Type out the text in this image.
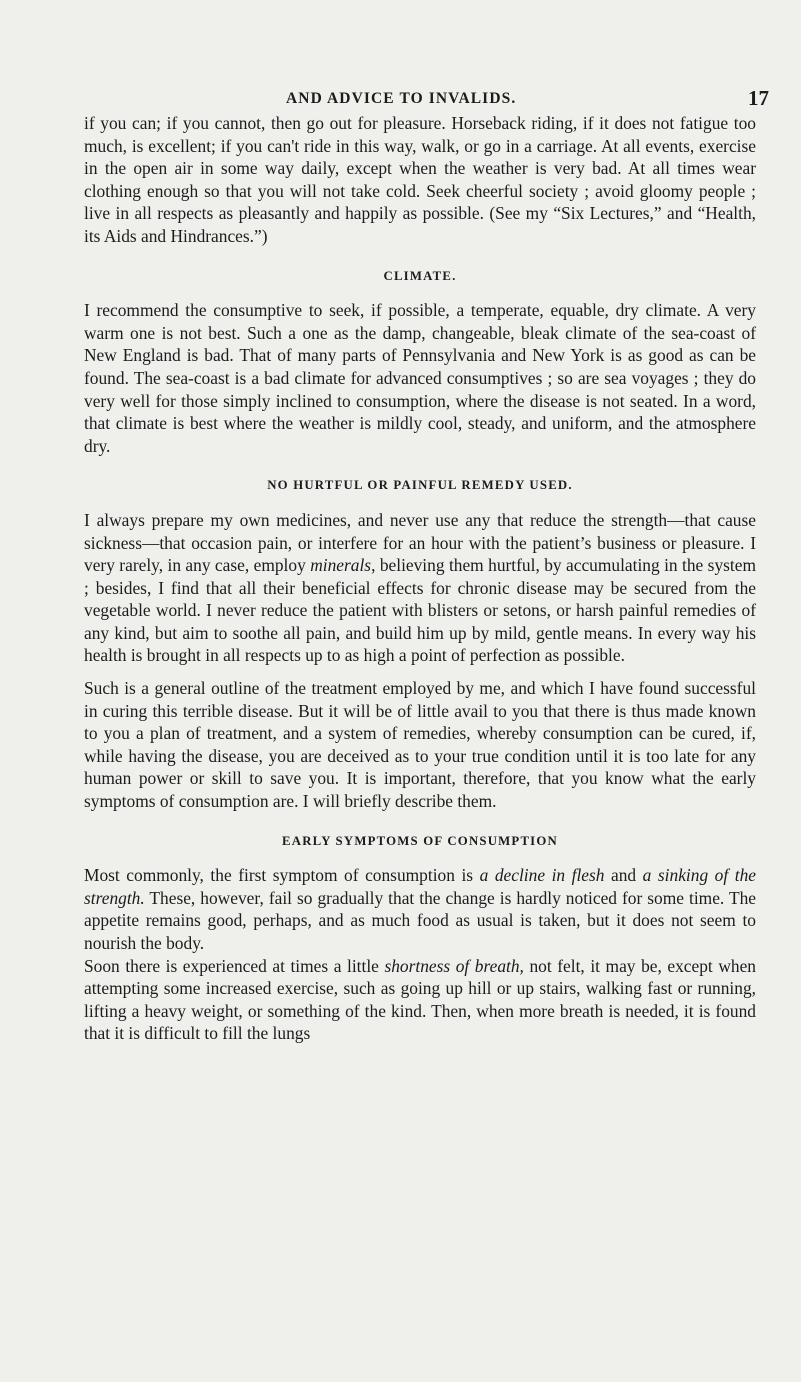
AND ADVICE TO INVALIDS.	17

if you can; if you cannot, then go out for pleasure. Horseback riding, if it does not fatigue too much, is excellent; if you can't ride in this way, walk, or go in a carriage. At all events, exercise in the open air in some way daily, except when the weather is very bad. At all times wear clothing enough so that you will not take cold. Seek cheerful society ; avoid gloomy people ; live in all respects as pleasantly and happily as possible. (See my “Six Lectures,” and “Health, its Aids and Hindrances.”)

CLIMATE.

I recommend the consumptive to seek, if possible, a temperate, equable, dry climate. A very warm one is not best. Such a one as the damp, changeable, bleak climate of the sea-coast of New England is bad. That of many parts of Pennsylvania and New York is as good as can be found. The sea-coast is a bad climate for advanced consumptives ; so are sea voyages ; they do very well for those simply inclined to consumption, where the disease is not seated. In a word, that climate is best where the weather is mildly cool, steady, and uniform, and the atmosphere dry.

NO HURTFUL OR PAINFUL REMEDY USED.

I always prepare my own medicines, and never use any that reduce the strength—that cause sickness—that occasion pain, or interfere for an hour with the patient’s business or pleasure. I very rarely, in any case, employ minerals, believing them hurtful, by accumulating in the system ; besides, I find that all their beneficial effects for chronic disease may be secured from the vegetable world. I never reduce the patient with blisters or setons, or harsh painful remedies of any kind, but aim to soothe all pain, and build him up by mild, gentle means. In every way his health is brought in all respects up to as high a point of perfection as possible.

Such is a general outline of the treatment employed by me, and which I have found successful in curing this terrible disease. But it will be of little avail to you that there is thus made known to you a plan of treatment, and a system of remedies, whereby consumption can be cured, if, while having the disease, you are deceived as to your true condition until it is too late for any human power or skill to save you. It is important, therefore, that you know what the early symptoms of consumption are. I will briefly describe them.

EARLY SYMPTOMS OF CONSUMPTION

Most commonly, the first symptom of consumption is a decline in flesh and a sinking of the strength. These, however, fail so gradually that the change is hardly noticed for some time. The appetite remains good, perhaps, and as much food as usual is taken, but it does not seem to nourish the body.

Soon there is experienced at times a little shortness of breath, not felt, it may be, except when attempting some increased exercise, such as going up hill or up stairs, walking fast or running, lifting a heavy weight, or something of the kind. Then, when more breath is needed, it is found that it is difficult to fill the lungs
